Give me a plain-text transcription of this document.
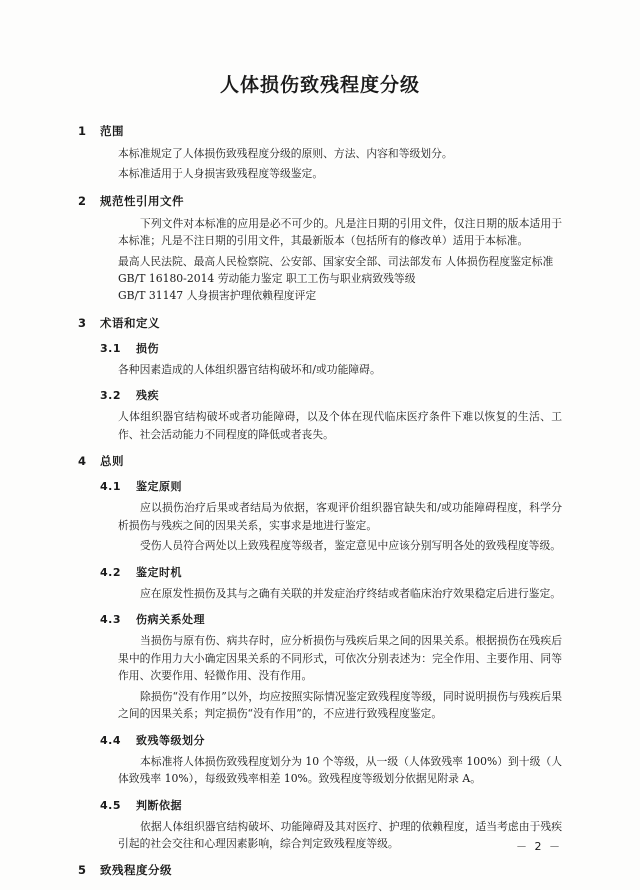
人体损伤致残程度分级
1 范围

本标准规定了人体损伤致残程度分级的原则、方法、内容和等级划分。

本标准适用于人身损害致残程度等级鉴定。

2 规范性引用文件

下列文件对本标准的应用是必不可少的。凡是注日期的引用文件，仅注日期的版本适用于本标准；凡是不注日期的引用文件，其最新版本（包括所有的修改单）适用于本标准。

最高人民法院、最高人民检察院、公安部、国家安全部、司法部发布 人体损伤程度鉴定标准

GB/T 16180-2014 劳动能力鉴定 职工工伤与职业病致残等级

GB/T 31147 人身损害护理依赖程度评定

3 术语和定义
3.1 损伤

各种因素造成的人体组织器官结构破坏和/或功能障碍。

3.2 残疾

人体组织器官结构破坏或者功能障碍，以及个体在现代临床医疗条件下难以恢复的生活、工作、社会活动能力不同程度的降低或者丧失。

4 总则
4.1 鉴定原则

应以损伤治疗后果或者结局为依据，客观评价组织器官缺失和/或功能障碍程度，科学分析损伤与残疾之间的因果关系，实事求是地进行鉴定。

受伤人员符合两处以上致残程度等级者，鉴定意见中应该分别写明各处的致残程度等级。

4.2 鉴定时机

应在原发性损伤及其与之确有关联的并发症治疗终结或者临床治疗效果稳定后进行鉴定。

4.3 伤病关系处理

当损伤与原有伤、病共存时，应分析损伤与残疾后果之间的因果关系。根据损伤在残疾后果中的作用力大小确定因果关系的不同形式，可依次分别表述为：完全作用、主要作用、同等作用、次要作用、轻微作用、没有作用。

除损伤“没有作用”以外，均应按照实际情况鉴定致残程度等级，同时说明损伤与残疾后果之间的因果关系；判定损伤“没有作用”的，不应进行致残程度鉴定。

4.4 致残等级划分

本标准将人体损伤致残程度划分为 10 个等级，从一级（人体致残率 100%）到十级（人体致残率 10%），每级致残率相差 10%。致残程度等级划分依据见附录 A。

4.5 判断依据

依据人体组织器官结构破坏、功能障碍及其对医疗、护理的依赖程度，适当考虑由于残疾引起的社会交往和心理因素影响，综合判定致残程度等级。

5 致残程度分级
－ 2 －
